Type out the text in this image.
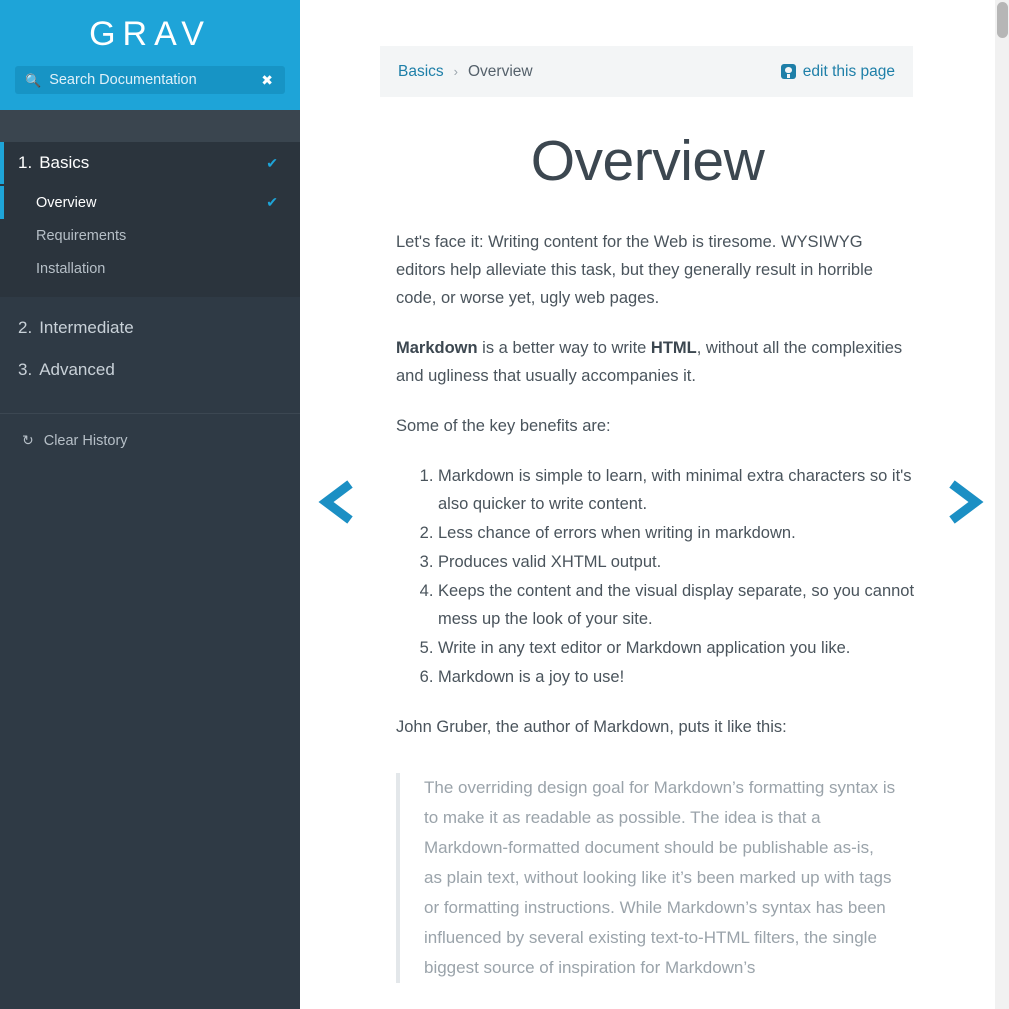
GRAV
🔍
Search Documentation	✖
1. Basics	✔
Overview	✔
Requirements
Installation
2. Intermediate
3. Advanced
↺ Clear History
Basics › Overview	edit this page
Overview

Let's face it: Writing content for the Web is tiresome. WYSIWYG editors help alleviate this task, but they generally result in horrible code, or worse yet, ugly web pages.

Markdown is a better way to write HTML, without all the complexities and ugliness that usually accompanies it.

Some of the key benefits are:

1. Markdown is simple to learn, with minimal extra characters so it's also quicker to write content.
2. Less chance of errors when writing in markdown.
3. Produces valid XHTML output.
4. Keeps the content and the visual display separate, so you cannot mess up the look of your site.
5. Write in any text editor or Markdown application you like.
6. Markdown is a joy to use!

John Gruber, the author of Markdown, puts it like this:

The overriding design goal for Markdown’s formatting syntax is to make it as readable as possible. The idea is that a Markdown-formatted document should be publishable as-is, as plain text, without looking like it’s been marked up with tags or formatting instructions. While Markdown’s syntax has been influenced by several existing text-to-HTML filters, the single biggest source of inspiration for Markdown’s
